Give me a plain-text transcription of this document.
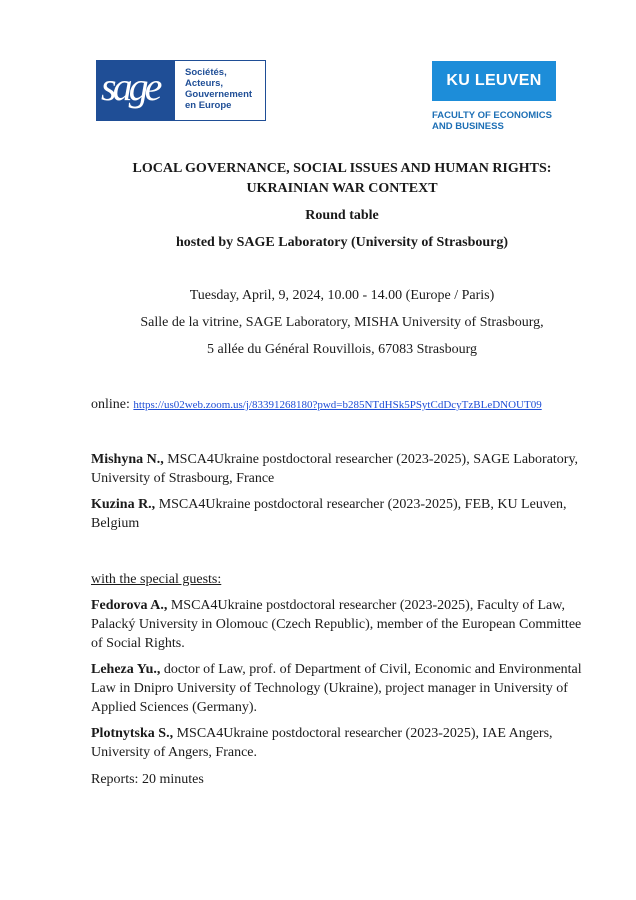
sage	Sociétés,
Acteurs,
Gouvernement
en Europe
KU LEUVEN
FACULTY OF ECONOMICS
AND BUSINESS
LOCAL GOVERNANCE, SOCIAL ISSUES AND HUMAN RIGHTS:
UKRAINIAN WAR CONTEXT
Round table
hosted by SAGE Laboratory (University of Strasbourg)
Tuesday, April, 9, 2024, 10.00 - 14.00 (Europe / Paris)
Salle de la vitrine, SAGE Laboratory, MISHA University of Strasbourg,
5 allée du Général Rouvillois, 67083 Strasbourg
online: https://us02web.zoom.us/j/83391268180?pwd=b285NTdHSk5PSytCdDcyTzBLeDNOUT09
Mishyna N., MSCA4Ukraine postdoctoral researcher (2023-2025), SAGE Laboratory, University of Strasbourg, France
Kuzina R., MSCA4Ukraine postdoctoral researcher (2023-2025), FEB, KU Leuven, Belgium
with the special guests:
Fedorova A., MSCA4Ukraine postdoctoral researcher (2023-2025), Faculty of Law, Palacký University in Olomouc (Czech Republic), member of the European Committee of Social Rights.
Leheza Yu., doctor of Law, prof. of Department of Civil, Economic and Environmental Law in Dnipro University of Technology (Ukraine), project manager in University of Applied Sciences (Germany).
Plotnytska S., MSCA4Ukraine postdoctoral researcher (2023-2025), IAE Angers, University of Angers, France.
Reports: 20 minutes
